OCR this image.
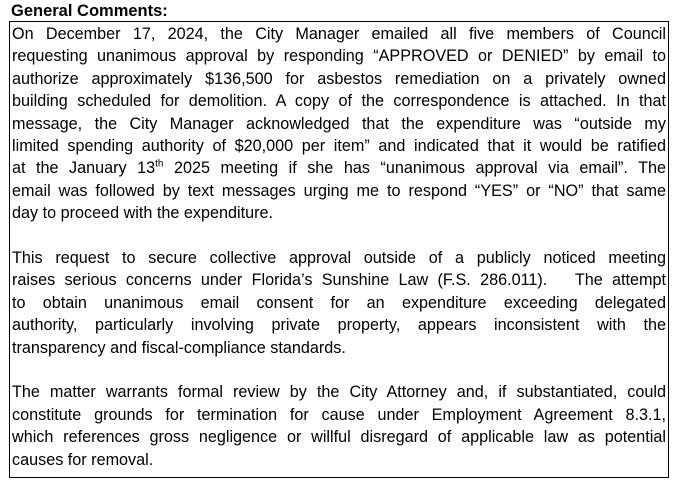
General Comments:

On December 17, 2024, the City Manager emailed all five members of Council
requesting unanimous approval by responding “APPROVED or DENIED” by email to
authorize approximately $136,500 for asbestos remediation on a privately owned
building scheduled for demolition. A copy of the correspondence is attached. In that
message, the City Manager acknowledged that the expenditure was “outside my
limited spending authority of $20,000 per item” and indicated that it would be ratified
at the January 13th 2025 meeting if she has “unanimous approval via email”. The
email was followed by text messages urging me to respond “YES” or “NO” that same
day to proceed with the expenditure.

This request to secure collective approval outside of a publicly noticed meeting
raises serious concerns under Florida’s Sunshine Law (F.S. 286.011).   The attempt
to obtain unanimous email consent for an expenditure exceeding delegated
authority, particularly involving private property, appears inconsistent with the
transparency and fiscal-compliance standards.

The matter warrants formal review by the City Attorney and, if substantiated, could
constitute grounds for termination for cause under Employment Agreement 8.3.1,
which references gross negligence or willful disregard of applicable law as potential
causes for removal.
